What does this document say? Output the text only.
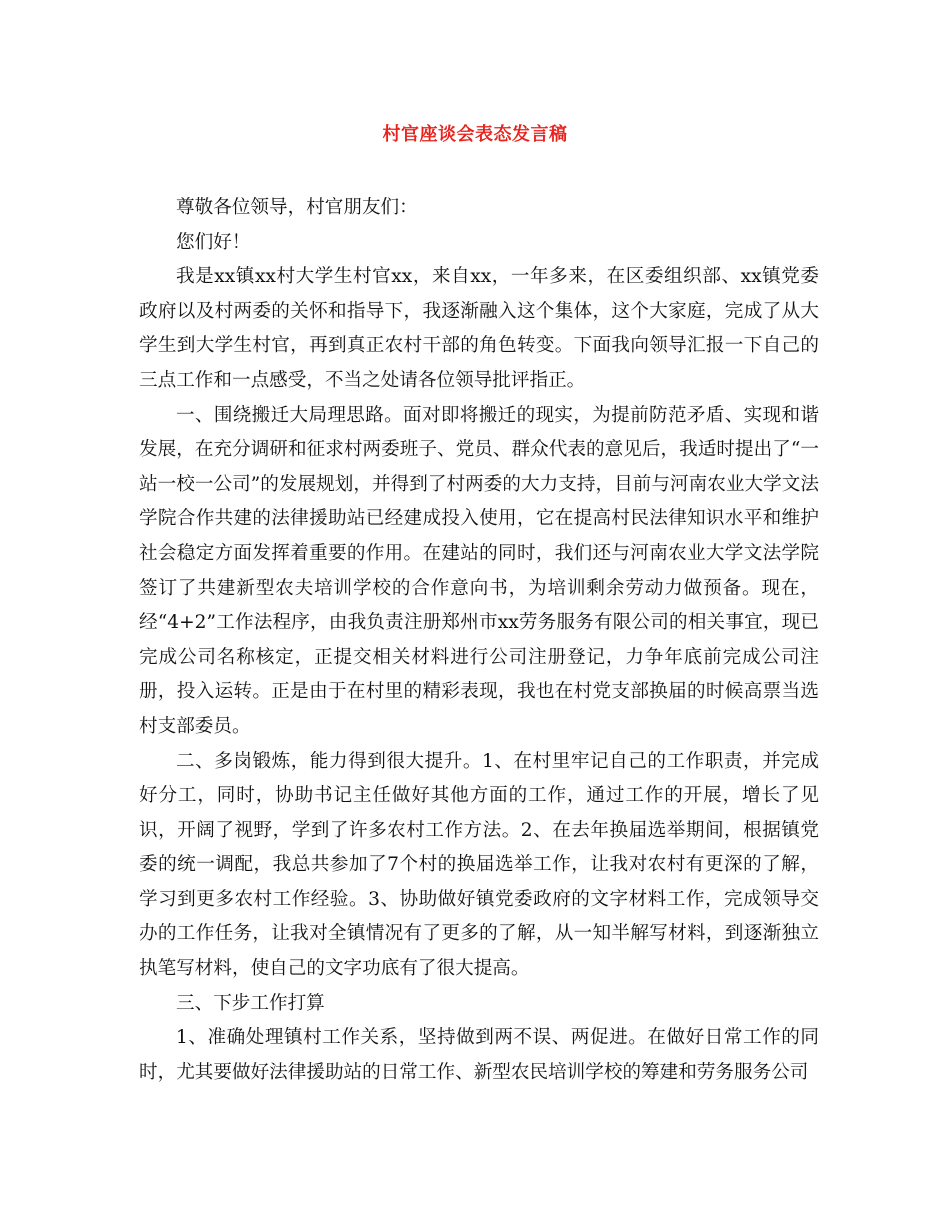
村官座谈会表态发言稿

尊敬各位领导，村官朋友们：

您们好！

我是xx镇xx村大学生村官xx，来自xx，一年多来，在区委组织部、xx镇党委政府以及村两委的关怀和指导下，我逐渐融入这个集体，这个大家庭，完成了从大学生到大学生村官，再到真正农村干部的角色转变。下面我向领导汇报一下自己的三点工作和一点感受，不当之处请各位领导批评指正。

一、围绕搬迁大局理思路。面对即将搬迁的现实，为提前防范矛盾、实现和谐发展，在充分调研和征求村两委班子、党员、群众代表的意见后，我适时提出了“一站一校一公司”的发展规划，并得到了村两委的大力支持，目前与河南农业大学文法学院合作共建的法律援助站已经建成投入使用，它在提高村民法律知识水平和维护社会稳定方面发挥着重要的作用。在建站的同时，我们还与河南农业大学文法学院签订了共建新型农夫培训学校的合作意向书，为培训剩余劳动力做预备。现在，经“4+2”工作法程序，由我负责注册郑州市xx劳务服务有限公司的相关事宜，现已完成公司名称核定，正提交相关材料进行公司注册登记，力争年底前完成公司注册，投入运转。正是由于在村里的精彩表现，我也在村党支部换届的时候高票当选村支部委员。

二、多岗锻炼，能力得到很大提升。1、在村里牢记自己的工作职责，并完成好分工，同时，协助书记主任做好其他方面的工作，通过工作的开展，增长了见识，开阔了视野，学到了许多农村工作方法。2、在去年换届选举期间，根据镇党委的统一调配，我总共参加了7个村的换届选举工作，让我对农村有更深的了解，学习到更多农村工作经验。3、协助做好镇党委政府的文字材料工作，完成领导交办的工作任务，让我对全镇情况有了更多的了解，从一知半解写材料，到逐渐独立执笔写材料，使自己的文字功底有了很大提高。

三、下步工作打算

1、准确处理镇村工作关系，坚持做到两不误、两促进。在做好日常工作的同时，尤其要做好法律援助站的日常工作、新型农民培训学校的筹建和劳务服务公司
